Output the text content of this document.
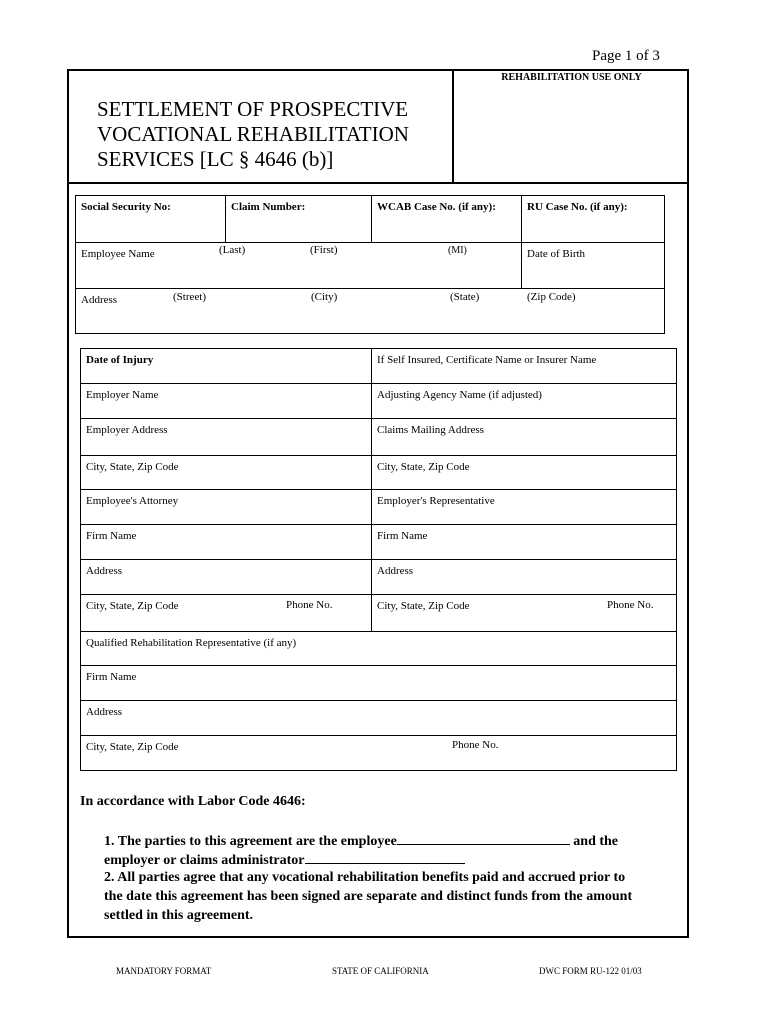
Page 1 of 3
REHABILITATION USE ONLY
SETTLEMENT OF PROSPECTIVE
VOCATIONAL REHABILITATION
SERVICES [LC § 4646 (b)]
Social Security No:	Claim Number:	WCAB Case No. (if any):	RU Case No. (if any):
Employee Name	(Last)	(First)	(MI)	Date of Birth
Address	(Street)	(City)	(State)	(Zip Code)
Date of Injury	If Self Insured, Certificate Name or Insurer Name
Employer Name	Adjusting Agency Name (if adjusted)
Employer Address	Claims Mailing Address
City, State, Zip Code	City, State, Zip Code
Employee's Attorney	Employer's Representative
Firm Name	Firm Name
Address	Address
City, State, Zip Code	Phone No.	City, State, Zip Code	Phone No.
Qualified Rehabilitation Representative (if any)
Firm Name
Address
City, State, Zip Code	Phone No.
In accordance with Labor Code 4646:
1. The parties to this agreement are the employee	and the
employer or claims administrator
2. All parties agree that any vocational rehabilitation benefits paid and accrued prior to
the date this agreement has been signed are separate and distinct funds from the amount
settled in this agreement.
MANDATORY FORMAT	STATE OF CALIFORNIA	DWC FORM RU-122 01/03
